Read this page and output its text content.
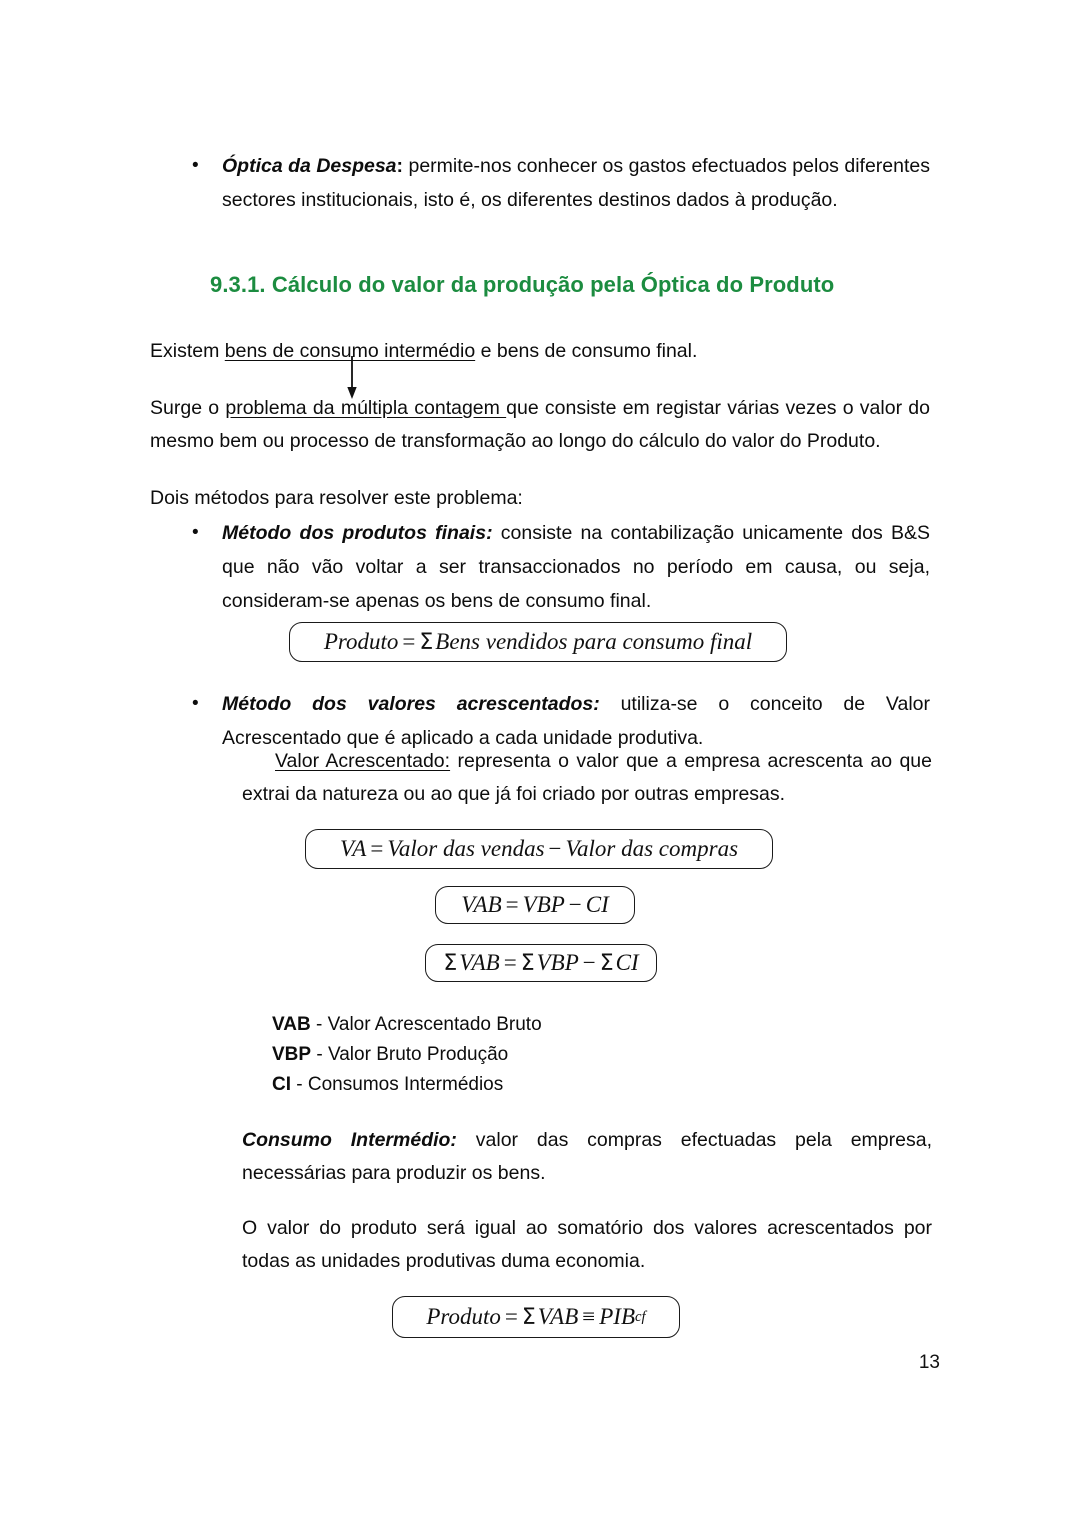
• Óptica da Despesa: permite-nos conhecer os gastos efectuados pelos diferentes sectores institucionais, isto é, os diferentes destinos dados à produção.
9.3.1. Cálculo do valor da produção pela Óptica do Produto
Existem bens de consumo intermédio e bens de consumo final.
Surge o problema da múltipla contagem que consiste em registar várias vezes o valor do mesmo bem ou processo de transformação ao longo do cálculo do valor do Produto.
Dois métodos para resolver este problema:
• Método dos produtos finais: consiste na contabilização unicamente dos B&S que não vão voltar a ser transaccionados no período em causa, ou seja, consideram-se apenas os bens de consumo final.
Produto = Σ Bens vendidos para consumo final
• Método dos valores acrescentados: utiliza-se o conceito de Valor Acrescentado que é aplicado a cada unidade produtiva.
Valor Acrescentado: representa o valor que a empresa acrescenta ao que extrai da natureza ou ao que já foi criado por outras empresas.
VA = Valor das vendas − Valor das compras
VAB = VBP − CI
Σ VAB = Σ VBP − Σ CI
VAB - Valor Acrescentado Bruto
VBP - Valor Bruto Produção
CI - Consumos Intermédios
Consumo Intermédio: valor das compras efectuadas pela empresa, necessárias para produzir os bens.
O valor do produto será igual ao somatório dos valores acrescentados por todas as unidades produtivas duma economia.
Produto = Σ VAB ≡ PIB cf
13
